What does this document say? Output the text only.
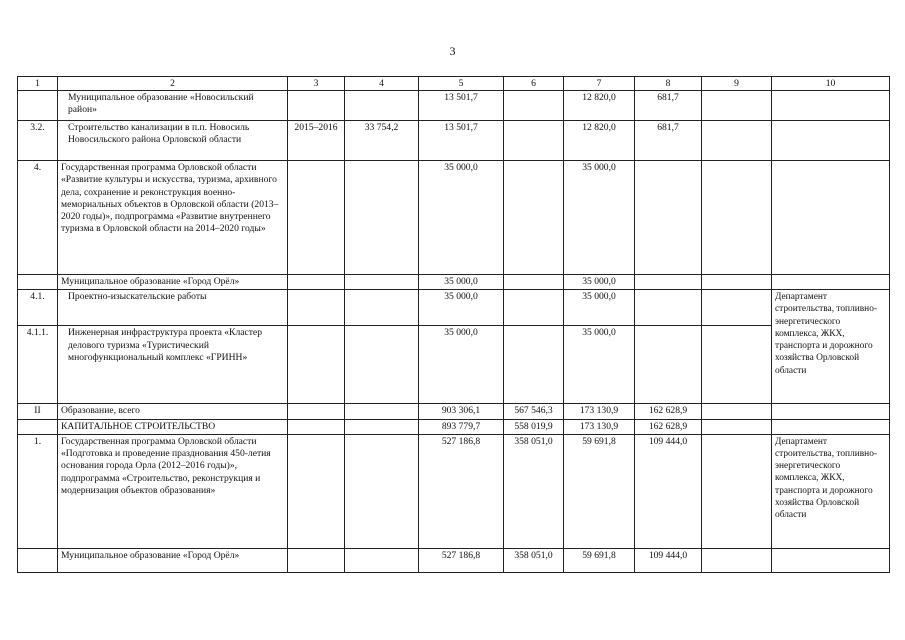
3
1	2	3	4	5	6	7	8	9	10
	Муниципальное образование «Новосильский район»			13 501,7		12 820,0	681,7		
3.2.	Строительство канализации в п.п. Новосиль Новосильского района Орловской области	2015–2016	33 754,2	13 501,7		12 820,0	681,7		
4.	Государственная программа Орловской области «Развитие культуры и искусства, туризма, архивного дела, сохранение и реконструкция военно-мемориальных объектов в Орловской области (2013–2020 годы)», подпрограмма «Развитие внутреннего туризма в Орловской области на 2014–2020 годы»			35 000,0		35 000,0			
	Муниципальное образование «Город Орёл»			35 000,0		35 000,0			
4.1.	Проектно-изыскательские работы			35 000,0		35 000,0			Департамент строительства, топливно-энергетического комплекса, ЖКХ, транспорта и дорожного хозяйства Орловской области
4.1.1.	Инженерная инфраструктура проекта «Кластер делового туризма «Туристический многофункциональный комплекс «ГРИНН»			35 000,0		35 000,0			
II	Образование, всего			903 306,1	567 546,3	173 130,9	162 628,9		
	КАПИТАЛЬНОЕ СТРОИТЕЛЬСТВО			893 779,7	558 019,9	173 130,9	162 628,9		
1.	Государственная программа Орловской области «Подготовка и проведение празднования 450-летия основания города Орла (2012–2016 годы)», подпрограмма «Строительство, реконструкция и модернизация объектов образования»			527 186,8	358 051,0	59 691,8	109 444,0		Департамент строительства, топливно-энергетического комплекса, ЖКХ, транспорта и дорожного хозяйства Орловской области
	Муниципальное образование «Город Орёл»			527 186,8	358 051,0	59 691,8	109 444,0		
